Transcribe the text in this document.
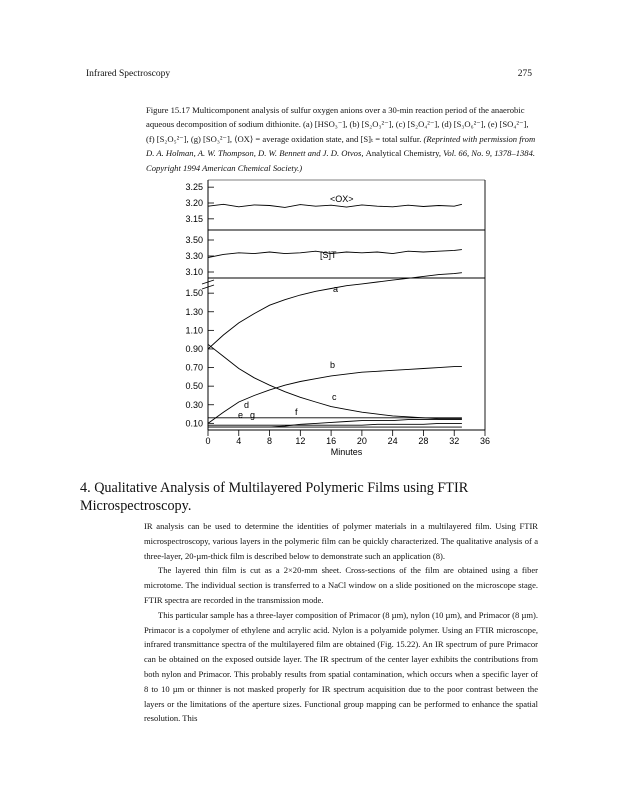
Infrared Spectroscopy	275
Figure 15.17 Multicomponent analysis of sulfur oxygen anions over a 30-min reaction period of the anaerobic aqueous decomposition of sodium dithionite. (a) [HSO₃⁻], (b) [S₂O₃²⁻], (c) [S₂O₄²⁻], (d) [S₃O₆²⁻], (e) [SO₄²⁻], (f) [S₂O₅²⁻], (g) [SO₃²⁻], ⟨OX⟩ = average oxidation state, and [S]ₜ = total sulfur. (Reprinted with permission from D. A. Holman, A. W. Thompson, D. W. Bennett and J. D. Otvos, Analytical Chemistry, Vol. 66, No. 9, 1378–1384. Copyright 1994 American Chemical Society.)
3.25
3.20
3.15
3.50
3.30
3.10
1.50
1.30
1.10
0.90
0.70
0.50
0.30
0.10
0	4	8	12 16 20 24 28 32 36
Minutes
<OX>
[S]T
a
b
c
d
e	f
g
4. Qualitative Analysis of Multilayered Polymeric Films using FTIR Microspectroscopy.

IR analysis can be used to determine the identities of polymer materials in a multilayered film. Using FTIR microspectroscopy, various layers in the polymeric film can be quickly characterized. The qualitative analysis of a three-layer, 20-µm-thick film is described below to demonstrate such an application (8).

The layered thin film is cut as a 2×20-mm sheet. Cross-sections of the film are obtained using a fiber microtome. The individual section is transferred to a NaCl window on a slide positioned on the microscope stage. FTIR spectra are recorded in the transmission mode.

This particular sample has a three-layer composition of Primacor (8 µm), nylon (10 µm), and Primacor (8 µm). Primacor is a copolymer of ethylene and acrylic acid. Nylon is a polyamide polymer. Using an FTIR microscope, infrared transmittance spectra of the multilayered film are obtained (Fig. 15.22). An IR spectrum of pure Primacor can be obtained on the exposed outside layer. The IR spectrum of the center layer exhibits the contributions from both nylon and Primacor. This probably results from spatial contamination, which occurs when a specific layer of 8 to 10 µm or thinner is not masked properly for IR spectrum acquisition due to the poor contrast between the layers or the limitations of the aperture sizes. Functional group mapping can be performed to enhance the spatial resolution. This
